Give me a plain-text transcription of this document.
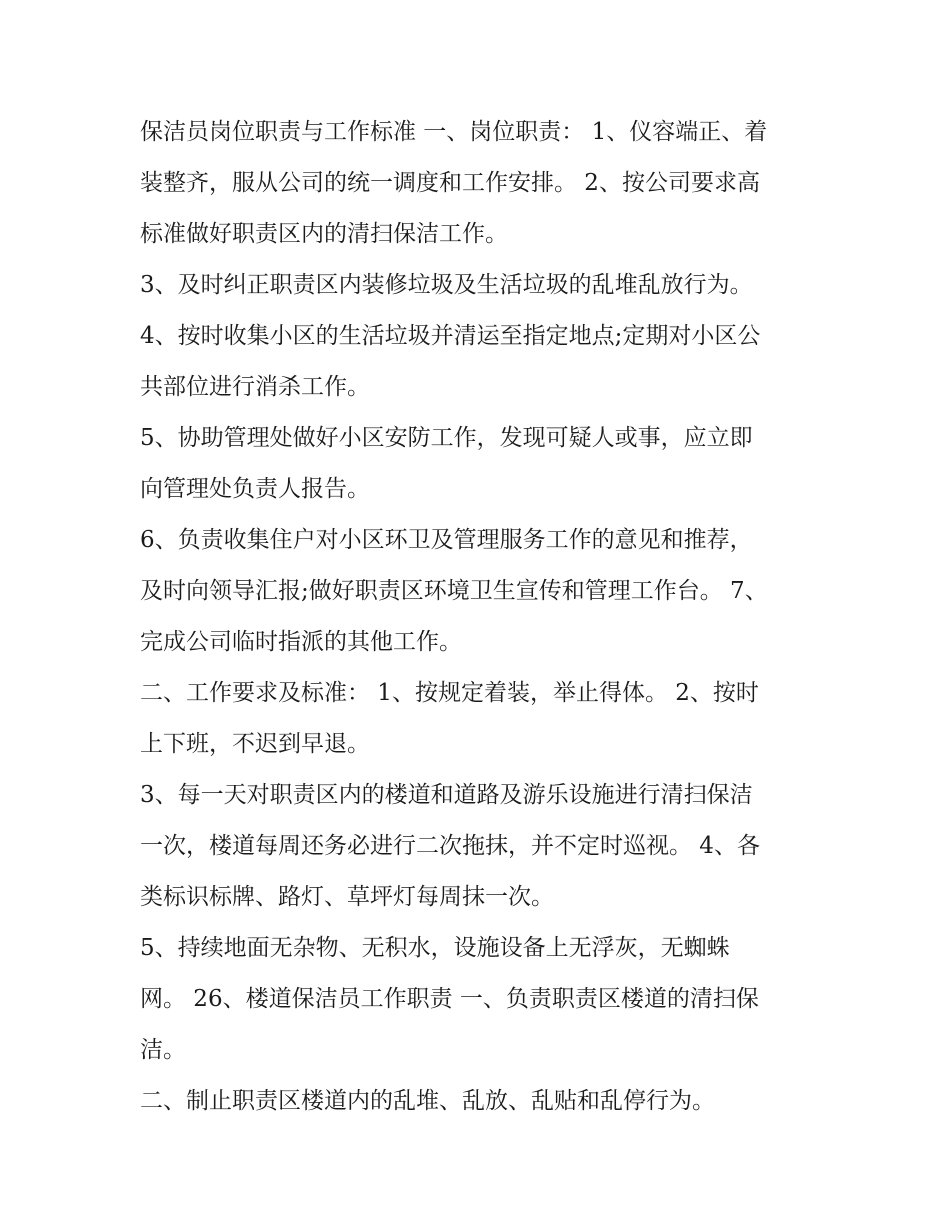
保洁员岗位职责与工作标准 一、岗位职责： 1、仪容端正、着
装整齐，服从公司的统一调度和工作安排。 2、按公司要求高
标准做好职责区内的清扫保洁工作。

3、及时纠正职责区内装修垃圾及生活垃圾的乱堆乱放行为。

4、按时收集小区的生活垃圾并清运至指定地点;定期对小区公
共部位进行消杀工作。

5、协助管理处做好小区安防工作，发现可疑人或事，应立即
向管理处负责人报告。

6、负责收集住户对小区环卫及管理服务工作的意见和推荐，
及时向领导汇报;做好职责区环境卫生宣传和管理工作台。 7、
完成公司临时指派的其他工作。

二、工作要求及标准： 1、按规定着装，举止得体。 2、按时
上下班，不迟到早退。

3、每一天对职责区内的楼道和道路及游乐设施进行清扫保洁
一次，楼道每周还务必进行二次拖抹，并不定时巡视。 4、各
类标识标牌、路灯、草坪灯每周抹一次。

5、持续地面无杂物、无积水，设施设备上无浮灰，无蜘蛛
网。 26、楼道保洁员工作职责 一、负责职责区楼道的清扫保
洁。

二、制止职责区楼道内的乱堆、乱放、乱贴和乱停行为。
